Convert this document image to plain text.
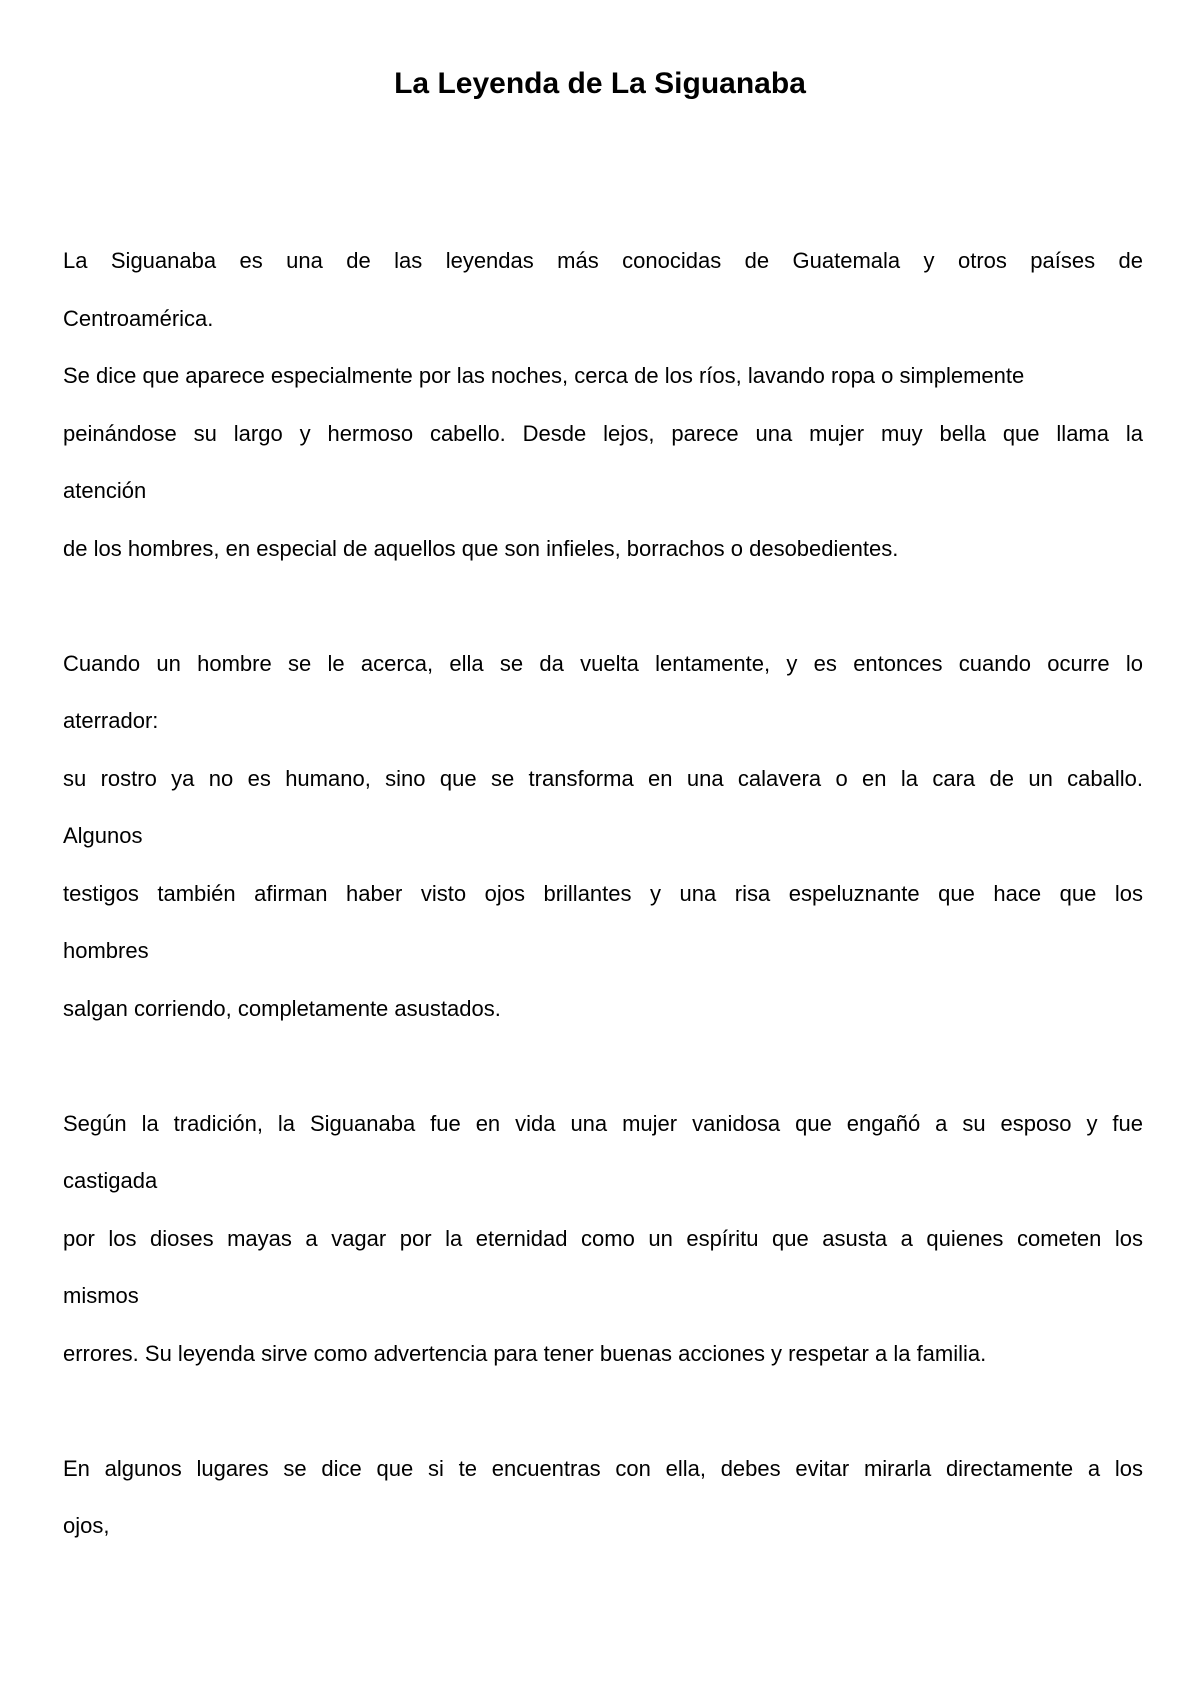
La Leyenda de La Siguanaba
La Siguanaba es una de las leyendas más conocidas de Guatemala y otros países de
Centroamérica.
Se dice que aparece especialmente por las noches, cerca de los ríos, lavando ropa o simplemente
peinándose su largo y hermoso cabello. Desde lejos, parece una mujer muy bella que llama la
atención
de los hombres, en especial de aquellos que son infieles, borrachos o desobedientes.
Cuando un hombre se le acerca, ella se da vuelta lentamente, y es entonces cuando ocurre lo
aterrador:
su rostro ya no es humano, sino que se transforma en una calavera o en la cara de un caballo.
Algunos
testigos también afirman haber visto ojos brillantes y una risa espeluznante que hace que los
hombres
salgan corriendo, completamente asustados.
Según la tradición, la Siguanaba fue en vida una mujer vanidosa que engañó a su esposo y fue
castigada
por los dioses mayas a vagar por la eternidad como un espíritu que asusta a quienes cometen los
mismos
errores. Su leyenda sirve como advertencia para tener buenas acciones y respetar a la familia.
En algunos lugares se dice que si te encuentras con ella, debes evitar mirarla directamente a los
ojos,
